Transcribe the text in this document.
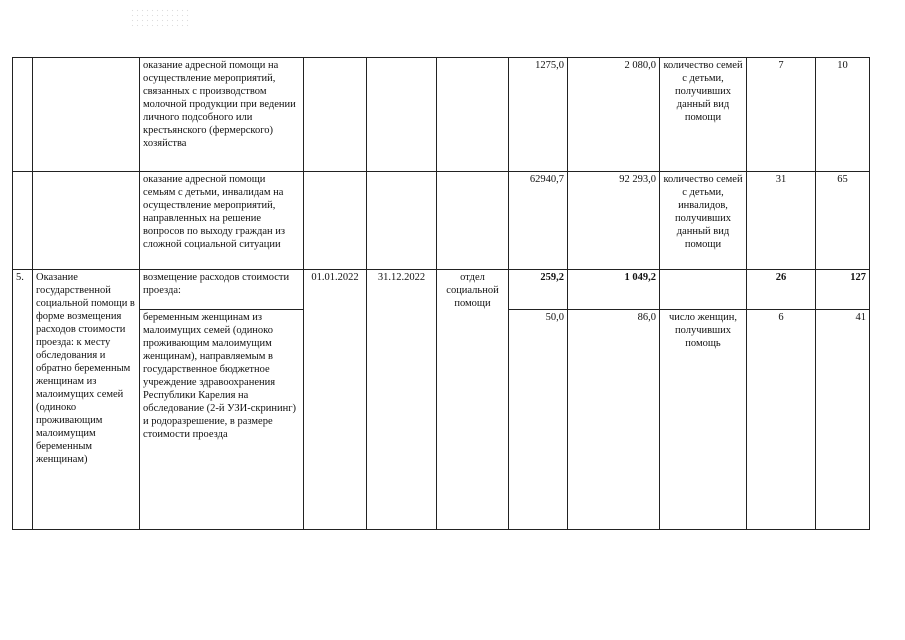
		оказание адресной помощи на осуществление мероприятий, связанных с производством молочной продукции при ведении личного подсобного или крестьянского (фермерского) хозяйства				1275,0	2 080,0	количество семей с детьми, получивших данный вид помощи	7	10
		оказание адресной помощи семьям с детьми, инвалидам на осуществление мероприятий, направленных на решение вопросов по выходу граждан из сложной социальной ситуации				62940,7	92 293,0	количество семей с детьми, инвалидов, получивших данный вид помощи	31	65
5.	Оказание государственной социальной помощи в форме возмещения расходов стоимости проезда: к месту обследования и обратно беременным женщинам из малоимущих семей (одиноко проживающим малоимущим беременным женщинам)	возмещение расходов стоимости проезда:	01.01.2022	31.12.2022	отдел социальной помощи	259,2	1 049,2		26	127
		беременным женщинам из малоимущих семей (одиноко проживающим малоимущим женщинам), направляемым в государственное бюджетное учреждение здравоохранения Республики Карелия на обследование (2-й УЗИ-скрининг) и родоразрешение, в размере стоимости проезда				50,0	86,0	число женщин, получивших помощь	6	41
